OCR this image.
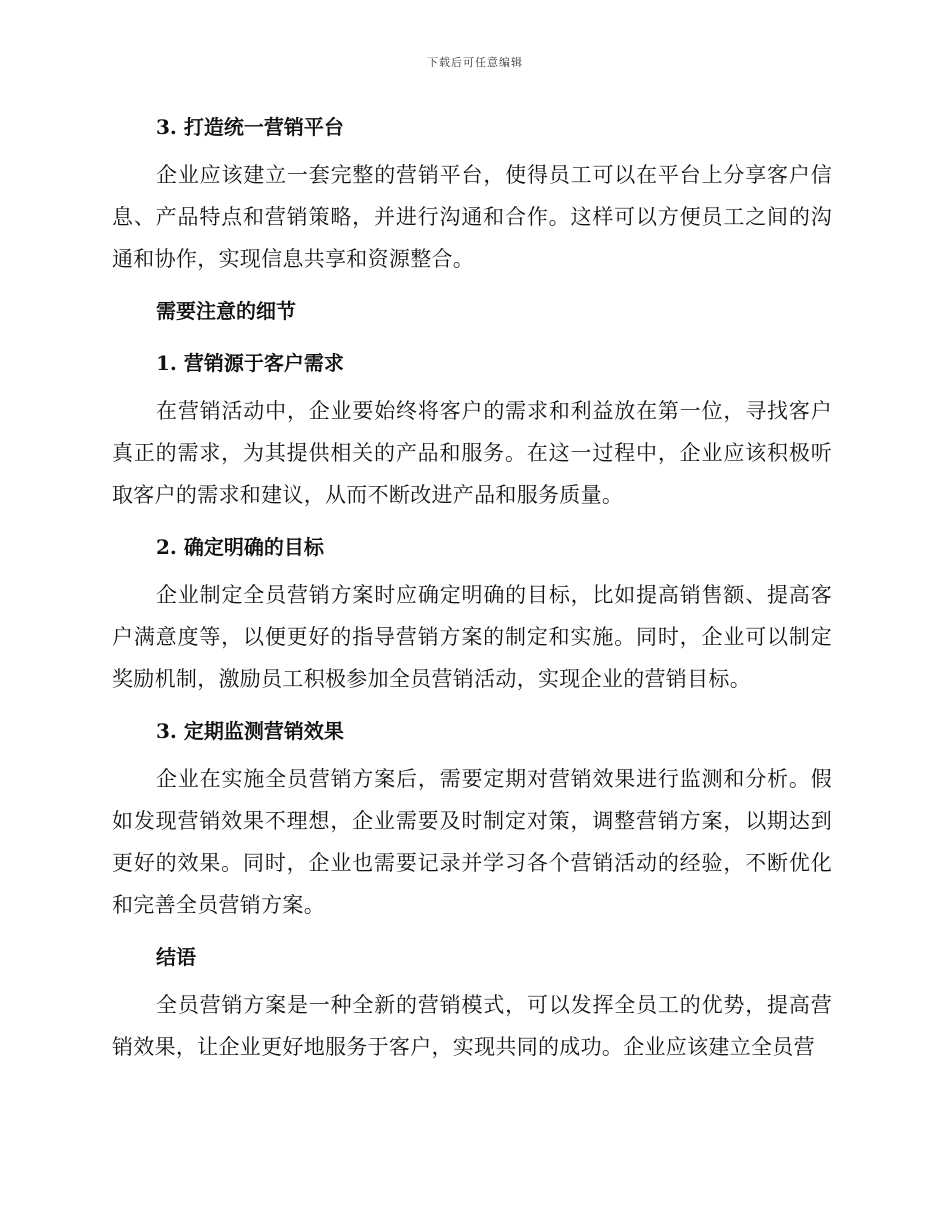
下载后可任意编辑
3. 打造统一营销平台

企业应该建立一套完整的营销平台，使得员工可以在平台上分享客户信息、产品特点和营销策略，并进行沟通和合作。这样可以方便员工之间的沟通和协作，实现信息共享和资源整合。

需要注意的细节
1. 营销源于客户需求

在营销活动中，企业要始终将客户的需求和利益放在第一位，寻找客户真正的需求，为其提供相关的产品和服务。在这一过程中，企业应该积极听取客户的需求和建议，从而不断改进产品和服务质量。

2. 确定明确的目标

企业制定全员营销方案时应确定明确的目标，比如提高销售额、提高客户满意度等，以便更好的指导营销方案的制定和实施。同时，企业可以制定奖励机制，激励员工积极参加全员营销活动，实现企业的营销目标。

3. 定期监测营销效果

企业在实施全员营销方案后，需要定期对营销效果进行监测和分析。假如发现营销效果不理想，企业需要及时制定对策，调整营销方案，以期达到更好的效果。同时，企业也需要记录并学习各个营销活动的经验，不断优化和完善全员营销方案。

结语

全员营销方案是一种全新的营销模式，可以发挥全员工的优势，提高营销效果，让企业更好地服务于客户，实现共同的成功。企业应该建立全员营
